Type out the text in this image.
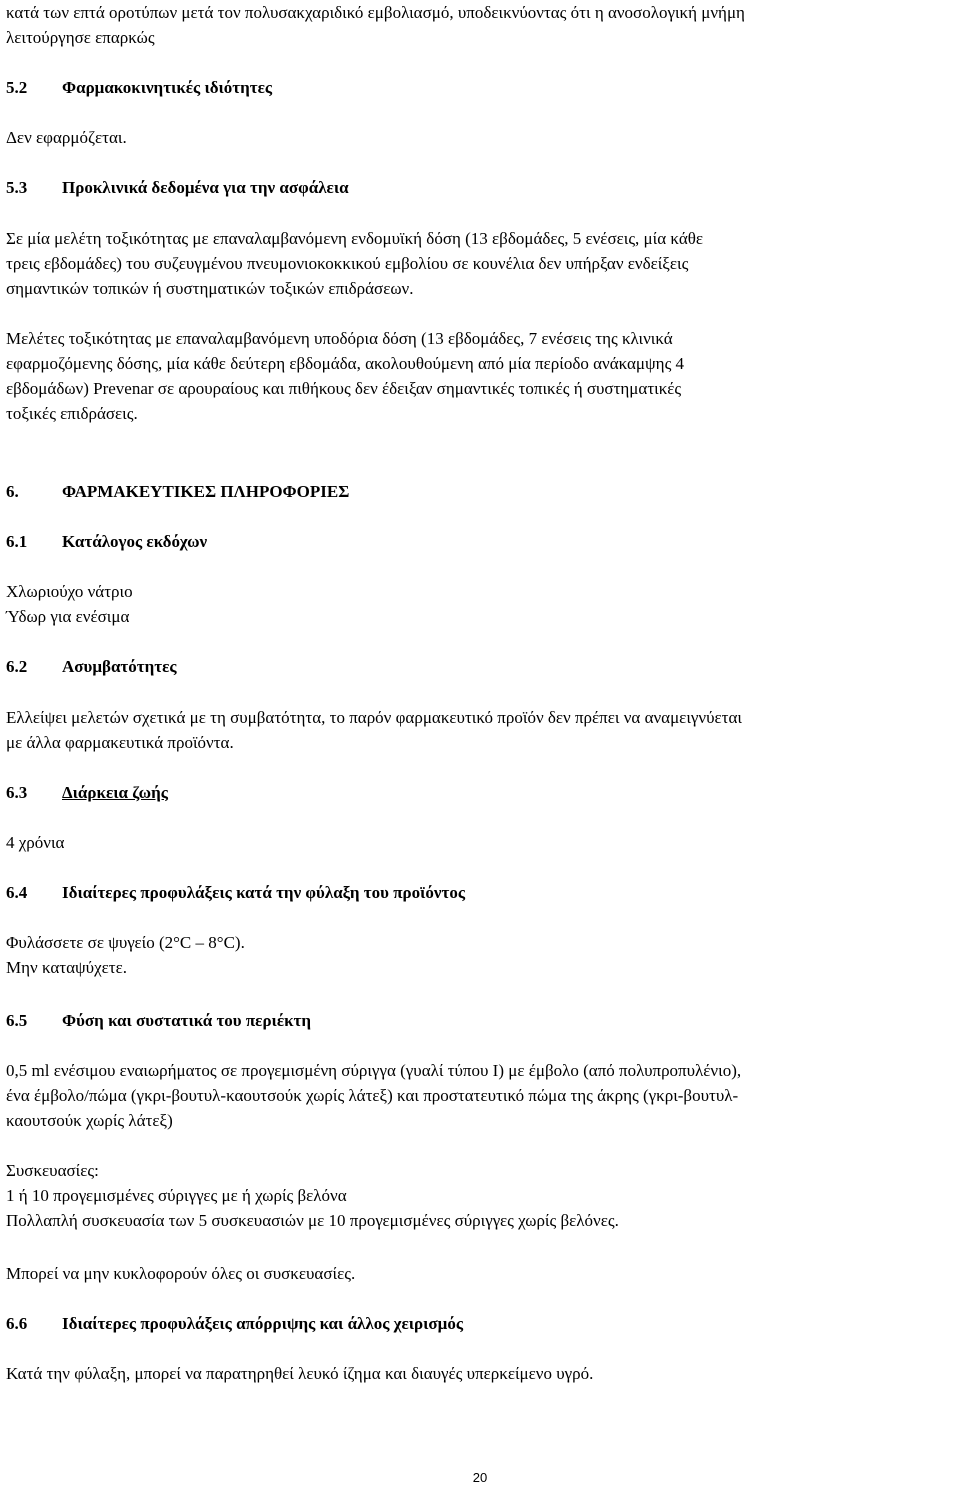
κατά των επτά οροτύπων μετά τον πολυσακχαριδικό εμβολιασμό, υποδεικνύοντας ότι η ανοσολογική μνήμη
λειτούργησε επαρκώς
5.2 Φαρμακοκινητικές ιδιότητες
Δεν εφαρμόζεται.
5.3 Προκλινικά δεδομένα για την ασφάλεια
Σε μία μελέτη τοξικότητας με επαναλαμβανόμενη ενδομυϊκή δόση (13 εβδομάδες, 5 ενέσεις, μία κάθε
τρεις εβδομάδες) του συζευγμένου πνευμονιοκοκκικού εμβολίου σε κουνέλια δεν υπήρξαν ενδείξεις
σημαντικών τοπικών ή συστηματικών τοξικών επιδράσεων.
Μελέτες τοξικότητας με επαναλαμβανόμενη υποδόρια δόση (13 εβδομάδες, 7 ενέσεις της κλινικά
εφαρμοζόμενης δόσης, μία κάθε δεύτερη εβδομάδα, ακολουθούμενη από μία περίοδο ανάκαμψης 4
εβδομάδων) Prevenar σε αρουραίους και πιθήκους δεν έδειξαν σημαντικές τοπικές ή συστηματικές
τοξικές επιδράσεις.
6.	ΦΑΡΜΑΚΕΥΤΙΚΕΣ ΠΛΗΡΟΦΟΡΙΕΣ
6.1 Κατάλογος εκδόχων
Χλωριούχο νάτριο
Ύδωρ για ενέσιμα
6.2 Ασυμβατότητες
Ελλείψει μελετών σχετικά με τη συμβατότητα, το παρόν φαρμακευτικό προϊόν δεν πρέπει να αναμειγνύεται
με άλλα φαρμακευτικά προϊόντα.
6.3 Διάρκεια ζωής
4 χρόνια
6.4 Ιδιαίτερες προφυλάξεις κατά την φύλαξη του προϊόντος
Φυλάσσετε σε ψυγείο (2°C – 8°C).
Μην καταψύχετε.
6.5 Φύση και συστατικά του περιέκτη
0,5 ml ενέσιμου εναιωρήματος σε προγεμισμένη σύριγγα (γυαλί τύπου Ι) με έμβολο (από πολυπροπυλένιο),
ένα έμβολο/πώμα (γκρι-βουτυλ-καουτσούκ χωρίς λάτεξ) και προστατευτικό πώμα της άκρης (γκρι-βουτυλ-
καουτσούκ χωρίς λάτεξ)
Συσκευασίες:
1 ή 10 προγεμισμένες σύριγγες με ή χωρίς βελόνα
Πολλαπλή συσκευασία των 5 συσκευασιών με 10 προγεμισμένες σύριγγες χωρίς βελόνες.
Μπορεί να μην κυκλοφορούν όλες οι συσκευασίες.
6.6 Ιδιαίτερες προφυλάξεις απόρριψης και άλλος χειρισμός
Κατά την φύλαξη, μπορεί να παρατηρηθεί λευκό ίζημα και διαυγές υπερκείμενο υγρό.
20
